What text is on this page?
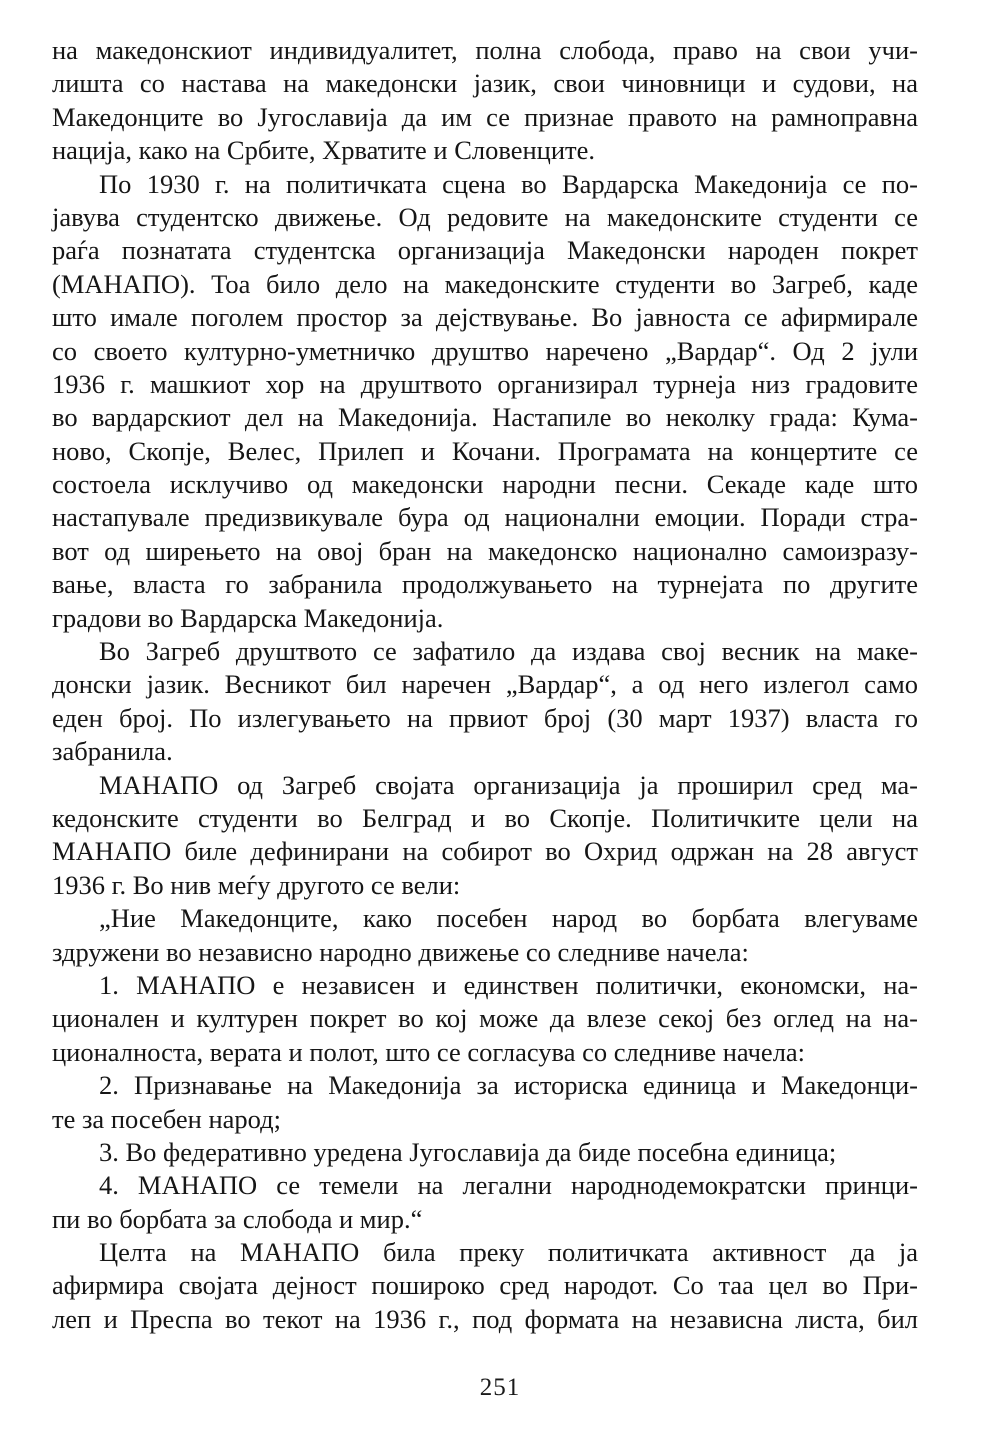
на македонскиот индивидуалитет, полна слобода, право на свои учи-
лишта со настава на македонски јазик, свои чиновници и судови, на
Македонците во Југославија да им се признае правото на рамноправна
нација, како на Србите, Хрватите и Словенците.
По 1930 г. на политичката сцена во Вардарска Македонија се по-
јавува студентско движење. Од редовите на македонските студенти се
раѓа познатата студентска организација Македонски народен покрет
(МАНАПО). Тоа било дело на македонските студенти во Загреб, каде
што имале поголем простор за дејствување. Во јавноста се афирмирале
со своето културно-уметничко друштво наречено „Вардар“. Од 2 јули
1936 г. машкиот хор на друштвото организирал турнеја низ градовите
во вардарскиот дел на Македонија. Настапиле во неколку града: Кума-
ново, Скопје, Велес, Прилеп и Кочани. Програмата на концертите се
состоела исклучиво од македонски народни песни. Секаде каде што
настапувале предизвикувале бура од национални емоции. Поради стра-
вот од ширењето на овој бран на македонско национално самоизразу-
вање, власта го забранила продолжувањето на турнејата по другите
градови во Вардарска Македонија.
Во Загреб друштвото се зафатило да издава свој весник на маке-
донски јазик. Весникот бил наречен „Вардар“, а од него излегол само
еден број. По излегувањето на првиот број (30 март 1937) власта го
забранила.
МАНАПО од Загреб својата организација ја проширил сред ма-
кедонските студенти во Белград и во Скопје. Политичките цели на
МАНАПО биле дефинирани на собирот во Охрид одржан на 28 август
1936 г. Во нив меѓу другото се вели:
„Ние Македонците, како посебен народ во борбата влегуваме
здружени во независно народно движење со следниве начела:
1. МАНАПО е независен и единствен политички, економски, на-
ционален и културен покрет во кој може да влезе секој без оглед на на-
ционалноста, верата и полот, што се согласува со следниве начела:
2. Признавање на Македонија за историска единица и Македонци-
те за посебен народ;
3. Во федеративно уредена Југославија да биде посебна единица;
4. МАНАПО се темели на легални народнодемократски принци-
пи во борбата за слобода и мир.“
Целта на МАНАПО била преку политичката активност да ја
афирмира својата дејност пошироко сред народот. Со таа цел во При-
леп и Преспа во текот на 1936 г., под формата на независна листа, бил
251
